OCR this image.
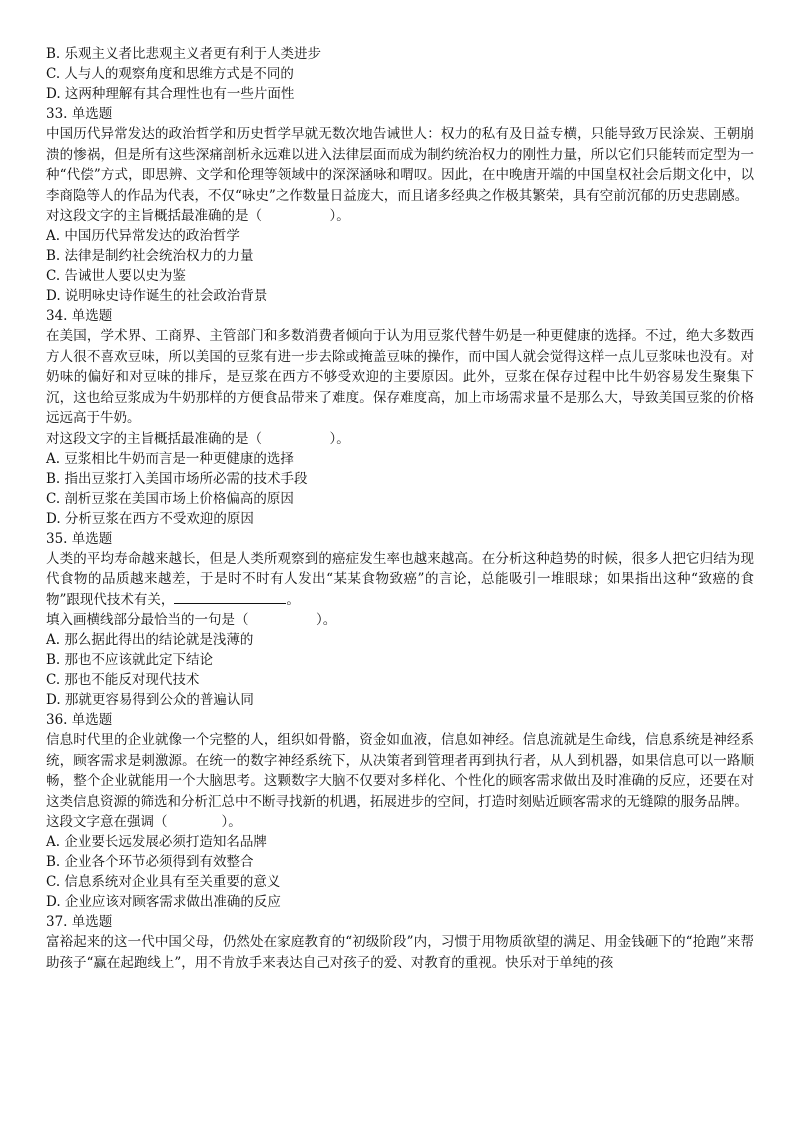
B. 乐观主义者比悲观主义者更有利于人类进步
C. 人与人的观察角度和思维方式是不同的
D. 这两种理解有其合理性也有一些片面性
33. 单选题
中国历代异常发达的政治哲学和历史哲学早就无数次地告诫世人：权力的私有及日益专横，只能导致万民涂炭、王朝崩溃的惨祸，但是所有这些深痛剖析永远难以进入法律层面而成为制约统治权力的刚性力量，所以它们只能转而定型为一种“代偿”方式，即思辨、文学和伦理等领域中的深深涵咏和喟叹。因此，在中晚唐开端的中国皇权社会后期文化中，以李商隐等人的作品为代表，不仅“咏史”之作数量日益庞大，而且诸多经典之作极其繁荣，具有空前沉郁的历史悲剧感。
对这段文字的主旨概括最准确的是（　　　　　）。
A. 中国历代异常发达的政治哲学
B. 法律是制约社会统治权力的力量
C. 告诫世人要以史为鉴
D. 说明咏史诗作诞生的社会政治背景
34. 单选题
在美国，学术界、工商界、主管部门和多数消费者倾向于认为用豆浆代替牛奶是一种更健康的选择。不过，绝大多数西方人很不喜欢豆味，所以美国的豆浆有进一步去除或掩盖豆味的操作，而中国人就会觉得这样一点儿豆浆味也没有。对奶味的偏好和对豆味的排斥，是豆浆在西方不够受欢迎的主要原因。此外，豆浆在保存过程中比牛奶容易发生聚集下沉，这也给豆浆成为牛奶那样的方便食品带来了难度。保存难度高，加上市场需求量不是那么大，导致美国豆浆的价格远远高于牛奶。
对这段文字的主旨概括最准确的是（　　　　　）。
A. 豆浆相比牛奶而言是一种更健康的选择
B. 指出豆浆打入美国市场所必需的技术手段
C. 剖析豆浆在美国市场上价格偏高的原因
D. 分析豆浆在西方不受欢迎的原因
35. 单选题
人类的平均寿命越来越长，但是人类所观察到的癌症发生率也越来越高。在分析这种趋势的时候，很多人把它归结为现代食物的品质越来越差，于是时不时有人发出“某某食物致癌”的言论，总能吸引一堆眼球；如果指出这种“致癌的食物”跟现代技术有关，	。
填入画横线部分最恰当的一句是（　　　　　）。
A. 那么据此得出的结论就是浅薄的
B. 那也不应该就此定下结论
C. 那也不能反对现代技术
D. 那就更容易得到公众的普遍认同
36. 单选题
信息时代里的企业就像一个完整的人，组织如骨骼，资金如血液，信息如神经。信息流就是生命线，信息系统是神经系统，顾客需求是刺激源。在统一的数字神经系统下，从决策者到管理者再到执行者，从人到机器，如果信息可以一路顺畅，整个企业就能用一个大脑思考。这颗数字大脑不仅要对多样化、个性化的顾客需求做出及时准确的反应，还要在对这类信息资源的筛选和分析汇总中不断寻找新的机遇，拓展进步的空间，打造时刻贴近顾客需求的无缝隙的服务品牌。
这段文字意在强调（　　　　）。
A. 企业要长远发展必须打造知名品牌
B. 企业各个环节必须得到有效整合
C. 信息系统对企业具有至关重要的意义
D. 企业应该对顾客需求做出准确的反应
37. 单选题
富裕起来的这一代中国父母，仍然处在家庭教育的“初级阶段”内，习惯于用物质欲望的满足、用金钱砸下的“抢跑”来帮助孩子“赢在起跑线上”，用不肯放手来表达自己对孩子的爱、对教育的重视。快乐对于单纯的孩
